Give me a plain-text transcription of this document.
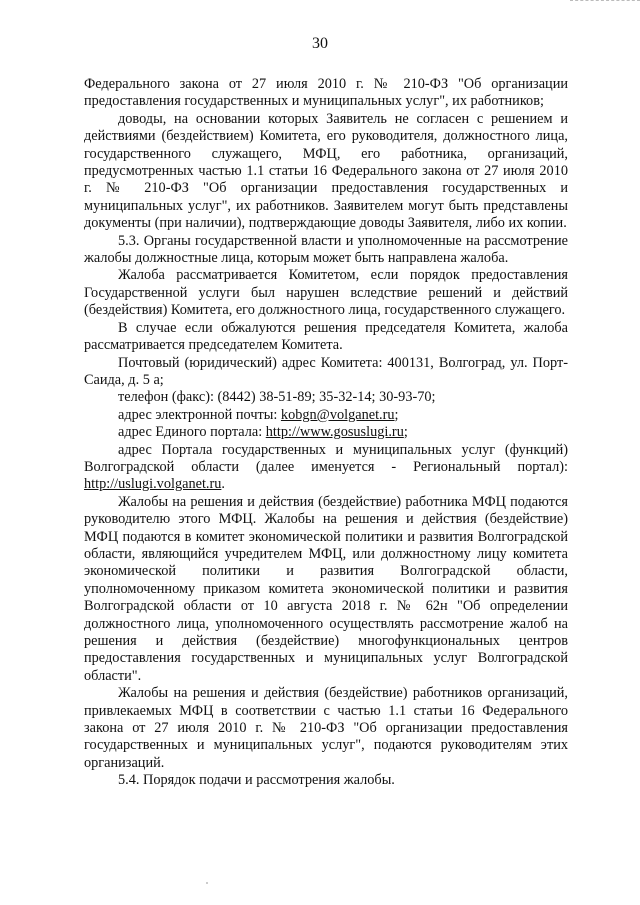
30

Федерального закона от 27 июля 2010 г. № 210-ФЗ "Об организации предоставления государственных и муниципальных услуг", их работников;

доводы, на основании которых Заявитель не согласен с решением и действиями (бездействием) Комитета, его руководителя, должностного лица, государственного служащего, МФЦ, его работника, организаций, предусмотренных частью 1.1 статьи 16 Федерального закона от 27 июля 2010 г. № 210-ФЗ "Об организации предоставления государственных и муниципальных услуг", их работников. Заявителем могут быть представлены документы (при наличии), подтверждающие доводы Заявителя, либо их копии.

5.3. Органы государственной власти и уполномоченные на рассмотрение жалобы должностные лица, которым может быть направлена жалоба.

Жалоба рассматривается Комитетом, если порядок предоставления Государственной услуги был нарушен вследствие решений и действий (бездействия) Комитета, его должностного лица, государственного служащего.

В случае если обжалуются решения председателя Комитета, жалоба рассматривается председателем Комитета.

Почтовый (юридический) адрес Комитета: 400131, Волгоград, ул. Порт-Саида, д. 5 а;

телефон (факс): (8442) 38-51-89; 35-32-14; 30-93-70;

адрес электронной почты: kobgn@volganet.ru;

адрес Единого портала: http://www.gosuslugi.ru;

адрес Портала государственных и муниципальных услуг (функций) Волгоградской области (далее именуется - Региональный портал): http://uslugi.volganet.ru.

Жалобы на решения и действия (бездействие) работника МФЦ подаются руководителю этого МФЦ. Жалобы на решения и действия (бездействие) МФЦ подаются в комитет экономической политики и развития Волгоградской области, являющийся учредителем МФЦ, или должностному лицу комитета экономической политики и развития Волгоградской области, уполномоченному приказом комитета экономической политики и развития Волгоградской области от 10 августа 2018 г. № 62н "Об определении должностного лица, уполномоченного осуществлять рассмотрение жалоб на решения и действия (бездействие) многофункциональных центров предоставления государственных и муниципальных услуг Волгоградской области".

Жалобы на решения и действия (бездействие) работников организаций, привлекаемых МФЦ в соответствии с частью 1.1 статьи 16 Федерального закона от 27 июля 2010 г. № 210-ФЗ "Об организации предоставления государственных и муниципальных услуг", подаются руководителям этих организаций.

5.4. Порядок подачи и рассмотрения жалобы.
